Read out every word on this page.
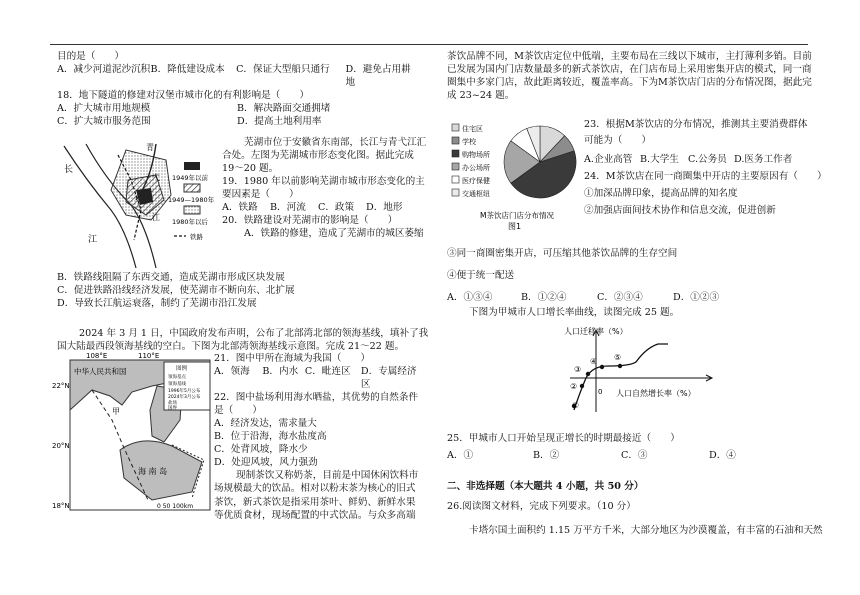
目的是（　　）
A．减少河道泥沙沉积 B．降低建设成本	C．保证大型船只通行	D．避免占用耕地
18．地下隧道的修建对汉堡市城市化的有利影响是（　　）
A．扩大城市用地规模	B．解决路面交通拥堵
C．扩大城市服务范围	D．提高土地利用率
长
江
青
弋
江
1949年以前
1949—1980年
1980年以后
铁路
芜湖市位于安徽省东南部，长江与青弋江汇
合处。左图为芜湖城市形态变化图。据此完成
19～20 题。
19．1980 年以前影响芜湖市城市形态变化的主
要因素是（　　）
A．铁路	B．河流	C．政策	D．地形
20．铁路建设对芜湖市的影响是（　　）
A．铁路的修建，造成了芜湖市的城区萎缩
B．铁路线阻隔了东西交通，造成芜湖市形成区块发展
C．促进铁路沿线经济发展，使芜湖市不断向东、北扩展
D．导致长江航运衰落，制约了芜湖市沿江发展
2024 年 3 月 1 日，中国政府发布声明，公布了北部湾北部的领海基线，填补了我
国大陆最西段领海基线的空白。下图为北部湾领海基线示意图。完成 21～22 题。
108°E	110°E
22°N
20°N
18°N
中华人民共和国
海 南 岛
甲
图例
领海基点
领海基线
1996年5月公布
2024年3月公布
盐场
国界
0 50 100km
21．图中甲所在海域为我国（　　）
A．领海	B．内水 C．毗连区	D．专属经济区
22．图中盐场利用海水晒盐，其优势的自然条件
是（　　）
A．经济发达，需求量大
B．位于沿海，海水盐度高
C．处背风坡，降水少
D．处迎风坡，风力强劲
现制茶饮又称奶茶，目前是中国休闲饮料市
场规模最大的饮品。相对以粉末茶为核心的旧式
茶饮，新式茶饮是指采用茶叶、鲜奶、新鲜水果
等优质食材，现场配置的中式饮品。与众多高端
茶饮品牌不同，M茶饮店定位中低端，主要布局在三线以下城市，主打薄利多销。目前
已发展为国内门店数量最多的新式茶饮店，在门店布局上采用密集开店的模式，同一商
圈集中多家门店，故此距离较近，覆盖率高。下为M茶饮店门店的分布情况图，据此完
成 23~24 题。
住宅区
学校
购物场所
办公场所
医疗保健
交通枢纽
M茶饮店门店分布情况
图1
23．根据M茶饮店的分布情况，推测其主要消费群体
可能为（　　）
A.企业高管 B.大学生 C.公务员 D.医务工作者
24．M茶饮店在同一商圈集中开店的主要原因有（　　）
①加深品牌印象，提高品牌的知名度
②加强店面间技术协作和信息交流，促进创新
③同一商圈密集开店，可压缩其他茶饮品牌的生存空间
④便于统一配送
A．①③④	B．①②④	C．②③④	D．①②③
下图为甲城市人口增长率曲线，读图完成 25 题。
人口迁移率（%）
人口自然增长率（%）
0
①
②
③
④ ⑤
25．甲城市人口开始呈现正增长的时期最接近（　　）
A．①	B．②	C．③	D．④
二、非选择题（本大题共 4 小题，共 50 分）
26.阅读图文材料，完成下列要求。（10 分）
卡塔尔国土面积约 1.15 万平方千米，大部分地区为沙漠覆盖，有丰富的石油和天然
